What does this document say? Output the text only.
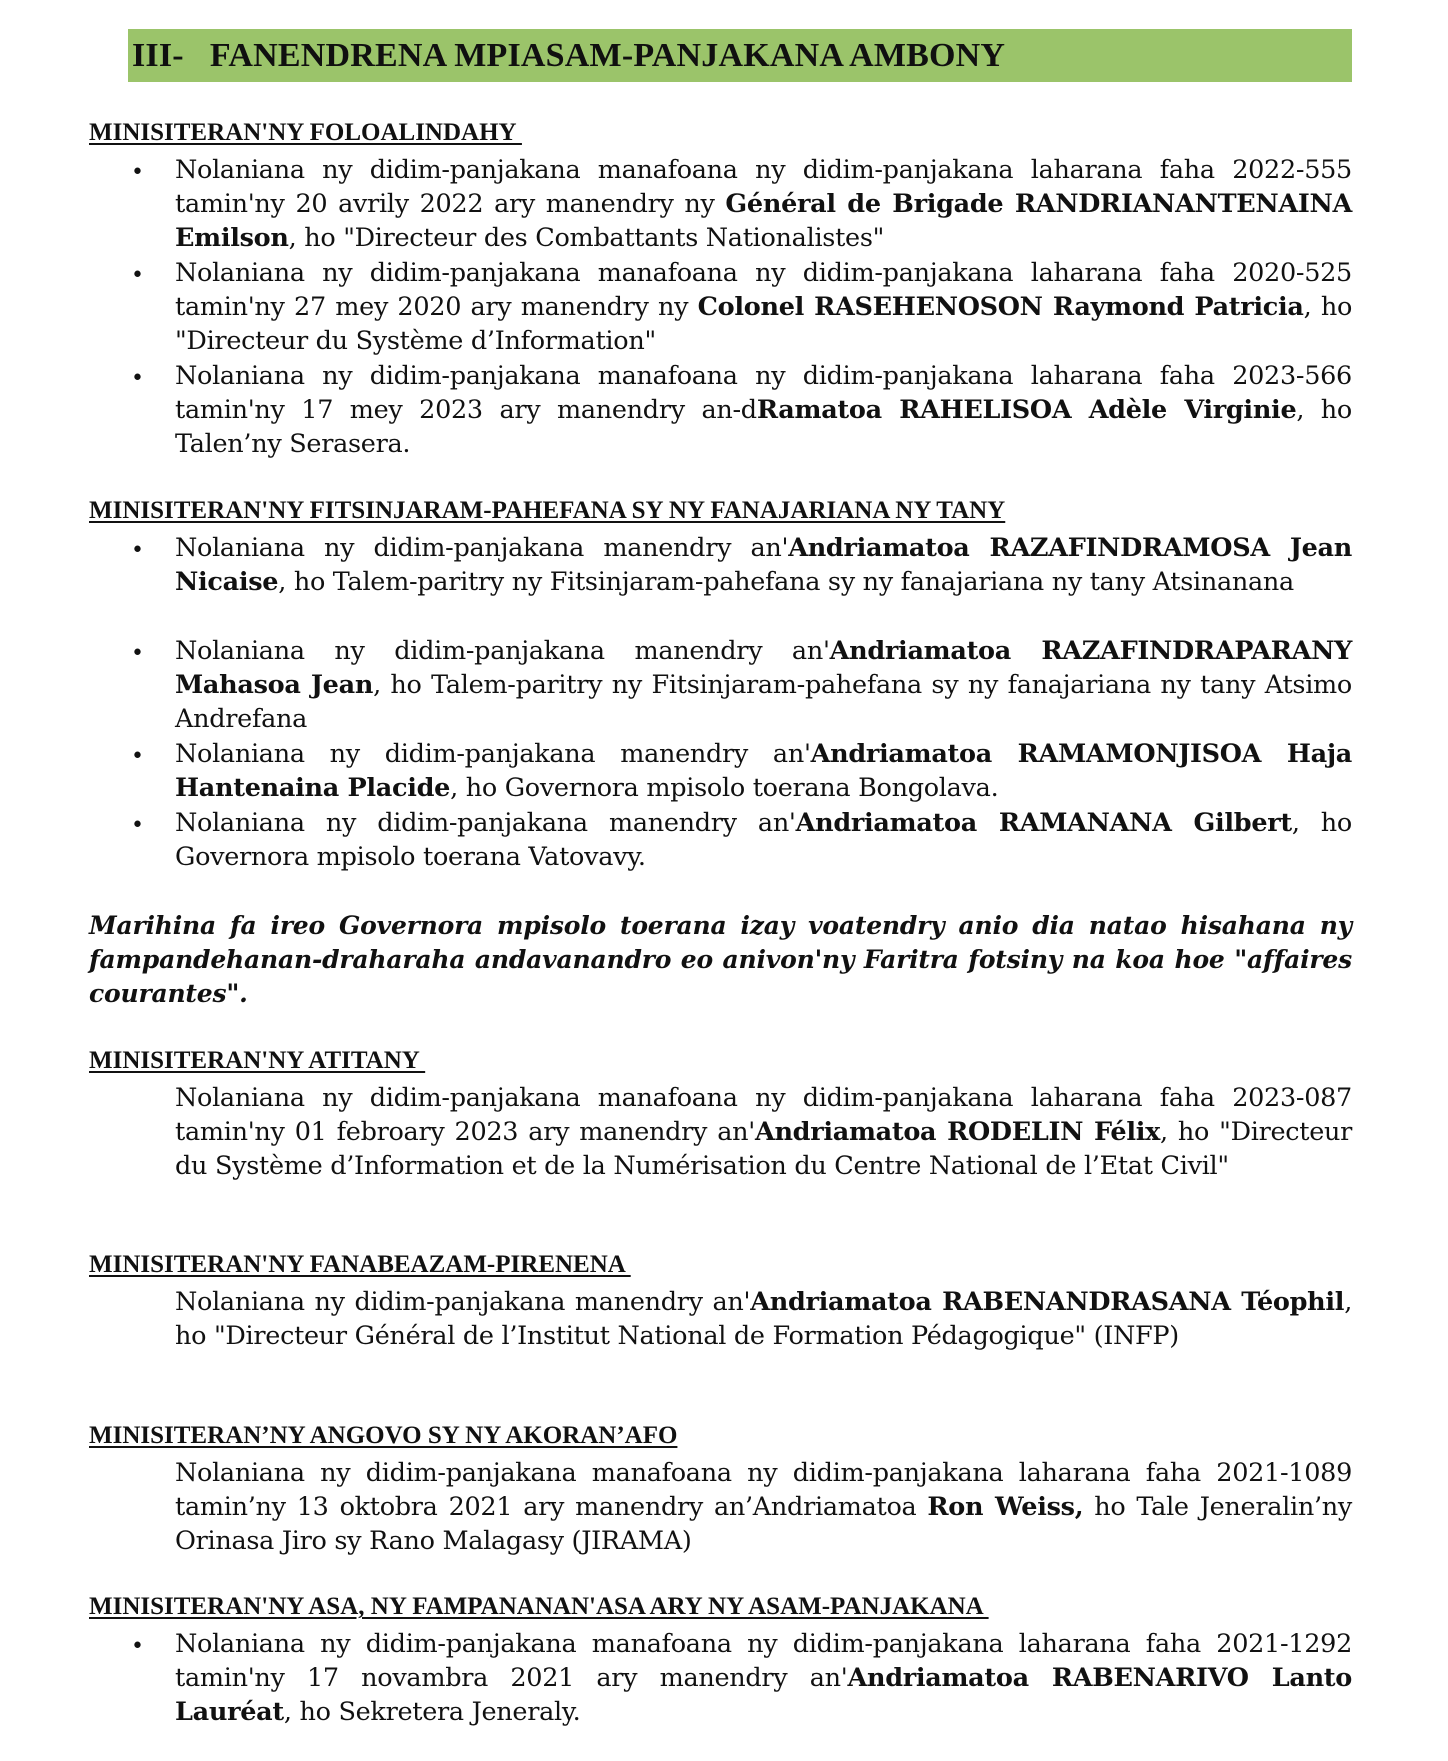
III-   FANENDRENA MPIASAM-PANJAKANA AMBONY
MINISITERAN'NY FOLOALINDAHY
• Nolaniana ny didim-panjakana manafoana ny didim-panjakana laharana faha 2022-555 tamin'ny 20 avrily 2022 ary manendry ny Général de Brigade RANDRIANANTENAINA Emilson, ho "Directeur des Combattants Nationalistes"
• Nolaniana ny didim-panjakana manafoana ny didim-panjakana laharana faha 2020-525 tamin'ny 27 mey 2020 ary manendry ny Colonel RASEHENOSON Raymond Patricia, ho "Directeur du Système d’Information"
• Nolaniana ny didim-panjakana manafoana ny didim-panjakana laharana faha 2023-566 tamin'ny 17 mey 2023 ary manendry an-dRamatoa RAHELISOA Adèle Virginie, ho Talen’ny Serasera.
MINISITERAN'NY FITSINJARAM-PAHEFANA SY NY FANAJARIANA NY TANY
• Nolaniana ny didim-panjakana manendry an'Andriamatoa RAZAFINDRAMOSA Jean Nicaise, ho Talem-paritry ny Fitsinjaram-pahefana sy ny fanajariana ny tany Atsinanana
• Nolaniana ny didim-panjakana manendry an'Andriamatoa RAZAFINDRAPARANY Mahasoa Jean, ho Talem-paritry ny Fitsinjaram-pahefana sy ny fanajariana ny tany Atsimo Andrefana
• Nolaniana ny didim-panjakana manendry an'Andriamatoa RAMAMONJISOA Haja Hantenaina Placide, ho Governora mpisolo toerana Bongolava.
• Nolaniana ny didim-panjakana manendry an'Andriamatoa RAMANANA Gilbert, ho Governora mpisolo toerana Vatovavy.
Marihina fa ireo Governora mpisolo toerana izay voatendry anio dia natao hisahana ny fampandehanan-draharaha andavanandro eo anivon'ny Faritra fotsiny na koa hoe "affaires courantes".
MINISITERAN'NY ATITANY
Nolaniana ny didim-panjakana manafoana ny didim-panjakana laharana faha 2023-087 tamin'ny 01 febroary 2023 ary manendry an'Andriamatoa RODELIN Félix, ho "Directeur du Système d’Information et de la Numérisation du Centre National de l’Etat Civil"
MINISITERAN'NY FANABEAZAM-PIRENENA
Nolaniana ny didim-panjakana manendry an'Andriamatoa RABENANDRASANA Téophil, ho "Directeur Général de l’Institut National de Formation Pédagogique" (INFP)
MINISITERAN’NY ANGOVO SY NY AKORAN’AFO
Nolaniana ny didim-panjakana manafoana ny didim-panjakana laharana faha 2021-1089 tamin’ny 13 oktobra 2021 ary manendry an’Andriamatoa Ron Weiss, ho Tale Jeneralin’ny Orinasa Jiro sy Rano Malagasy (JIRAMA)
MINISITERAN'NY ASA, NY FAMPANANAN'ASA ARY NY ASAM-PANJAKANA
• Nolaniana ny didim-panjakana manafoana ny didim-panjakana laharana faha 2021-1292 tamin'ny 17 novambra 2021 ary manendry an'Andriamatoa RABENARIVO Lanto Lauréat, ho Sekretera Jeneraly.
